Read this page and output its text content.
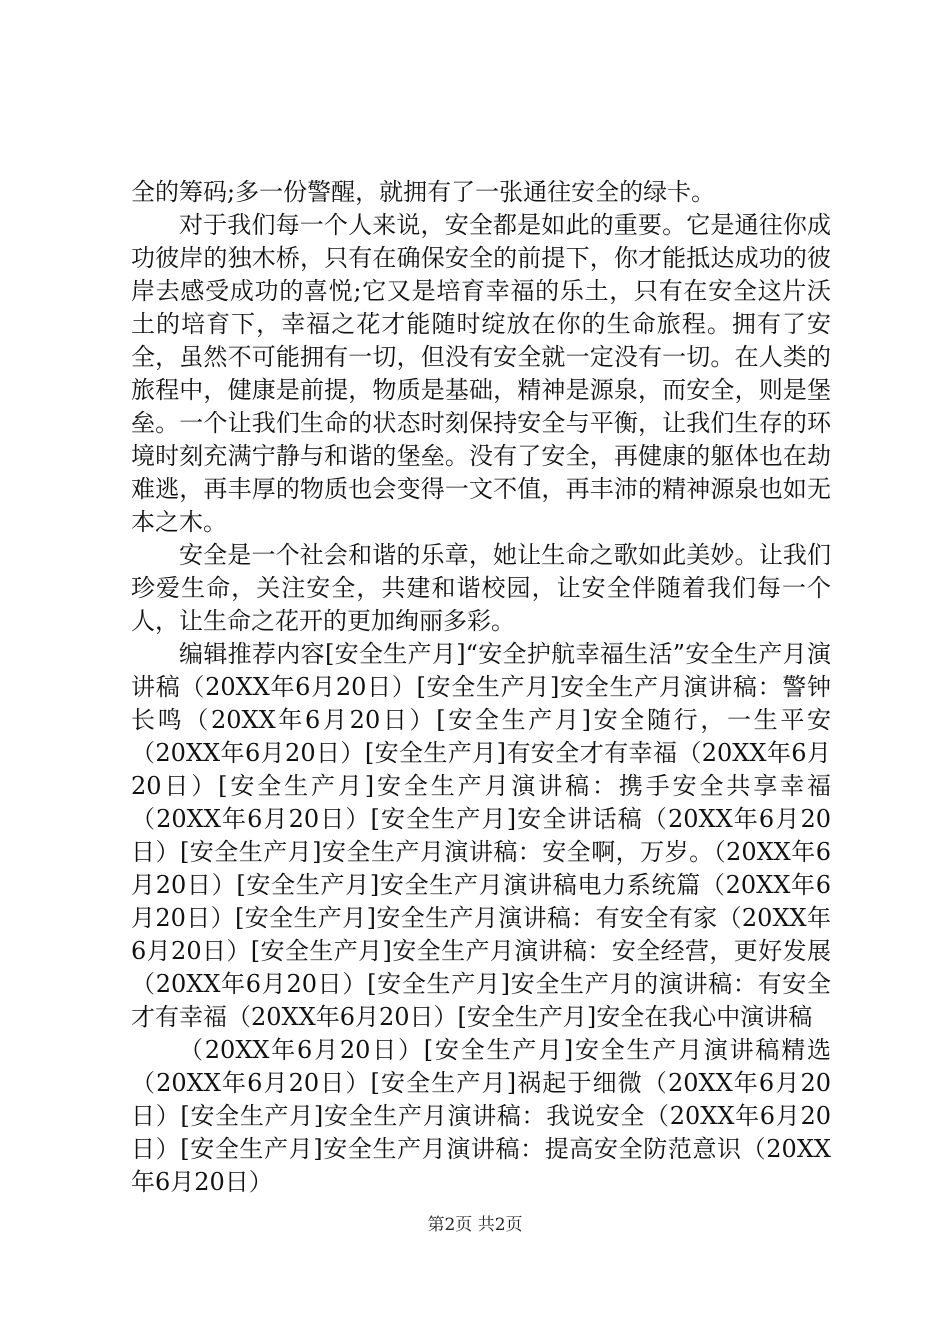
全的筹码;多一份警醒，就拥有了一张通往安全的绿卡。

对于我们每一个人来说，安全都是如此的重要。它是通往你成功彼岸的独木桥，只有在确保安全的前提下，你才能抵达成功的彼岸去感受成功的喜悦;它又是培育幸福的乐土，只有在安全这片沃土的培育下，幸福之花才能随时绽放在你的生命旅程。拥有了安全，虽然不可能拥有一切，但没有安全就一定没有一切。在人类的旅程中，健康是前提，物质是基础，精神是源泉，而安全，则是堡垒。一个让我们生命的状态时刻保持安全与平衡，让我们生存的环境时刻充满宁静与和谐的堡垒。没有了安全，再健康的躯体也在劫难逃，再丰厚的物质也会变得一文不值，再丰沛的精神源泉也如无本之木。

安全是一个社会和谐的乐章，她让生命之歌如此美妙。让我们珍爱生命，关注安全，共建和谐校园，让安全伴随着我们每一个人，让生命之花开的更加绚丽多彩。

编辑推荐内容[安全生产月]“安全护航幸福生活”安全生产月演讲稿（20XX年6月20日）[安全生产月]安全生产月演讲稿：警钟长鸣（20XX年6月20日）[安全生产月]安全随行，一生平安（20XX年6月20日）[安全生产月]有安全才有幸福（20XX年6月20日）[安全生产月]安全生产月演讲稿：携手安全共享幸福（20XX年6月20日）[安全生产月]安全讲话稿（20XX年6月20日）[安全生产月]安全生产月演讲稿：安全啊，万岁。（20XX年6月20日）[安全生产月]安全生产月演讲稿电力系统篇（20XX年6月20日）[安全生产月]安全生产月演讲稿：有安全有家（20XX年6月20日）[安全生产月]安全生产月演讲稿：安全经营，更好发展（20XX年6月20日）[安全生产月]安全生产月的演讲稿：有安全才有幸福（20XX年6月20日）[安全生产月]安全在我心中演讲稿

（20XX年6月20日）[安全生产月]安全生产月演讲稿精选（20XX年6月20日）[安全生产月]祸起于细微（20XX年6月20日）[安全生产月]安全生产月演讲稿：我说安全（20XX年6月20日）[安全生产月]安全生产月演讲稿：提高安全防范意识（20XX年6月20日）

第2页 共2页
